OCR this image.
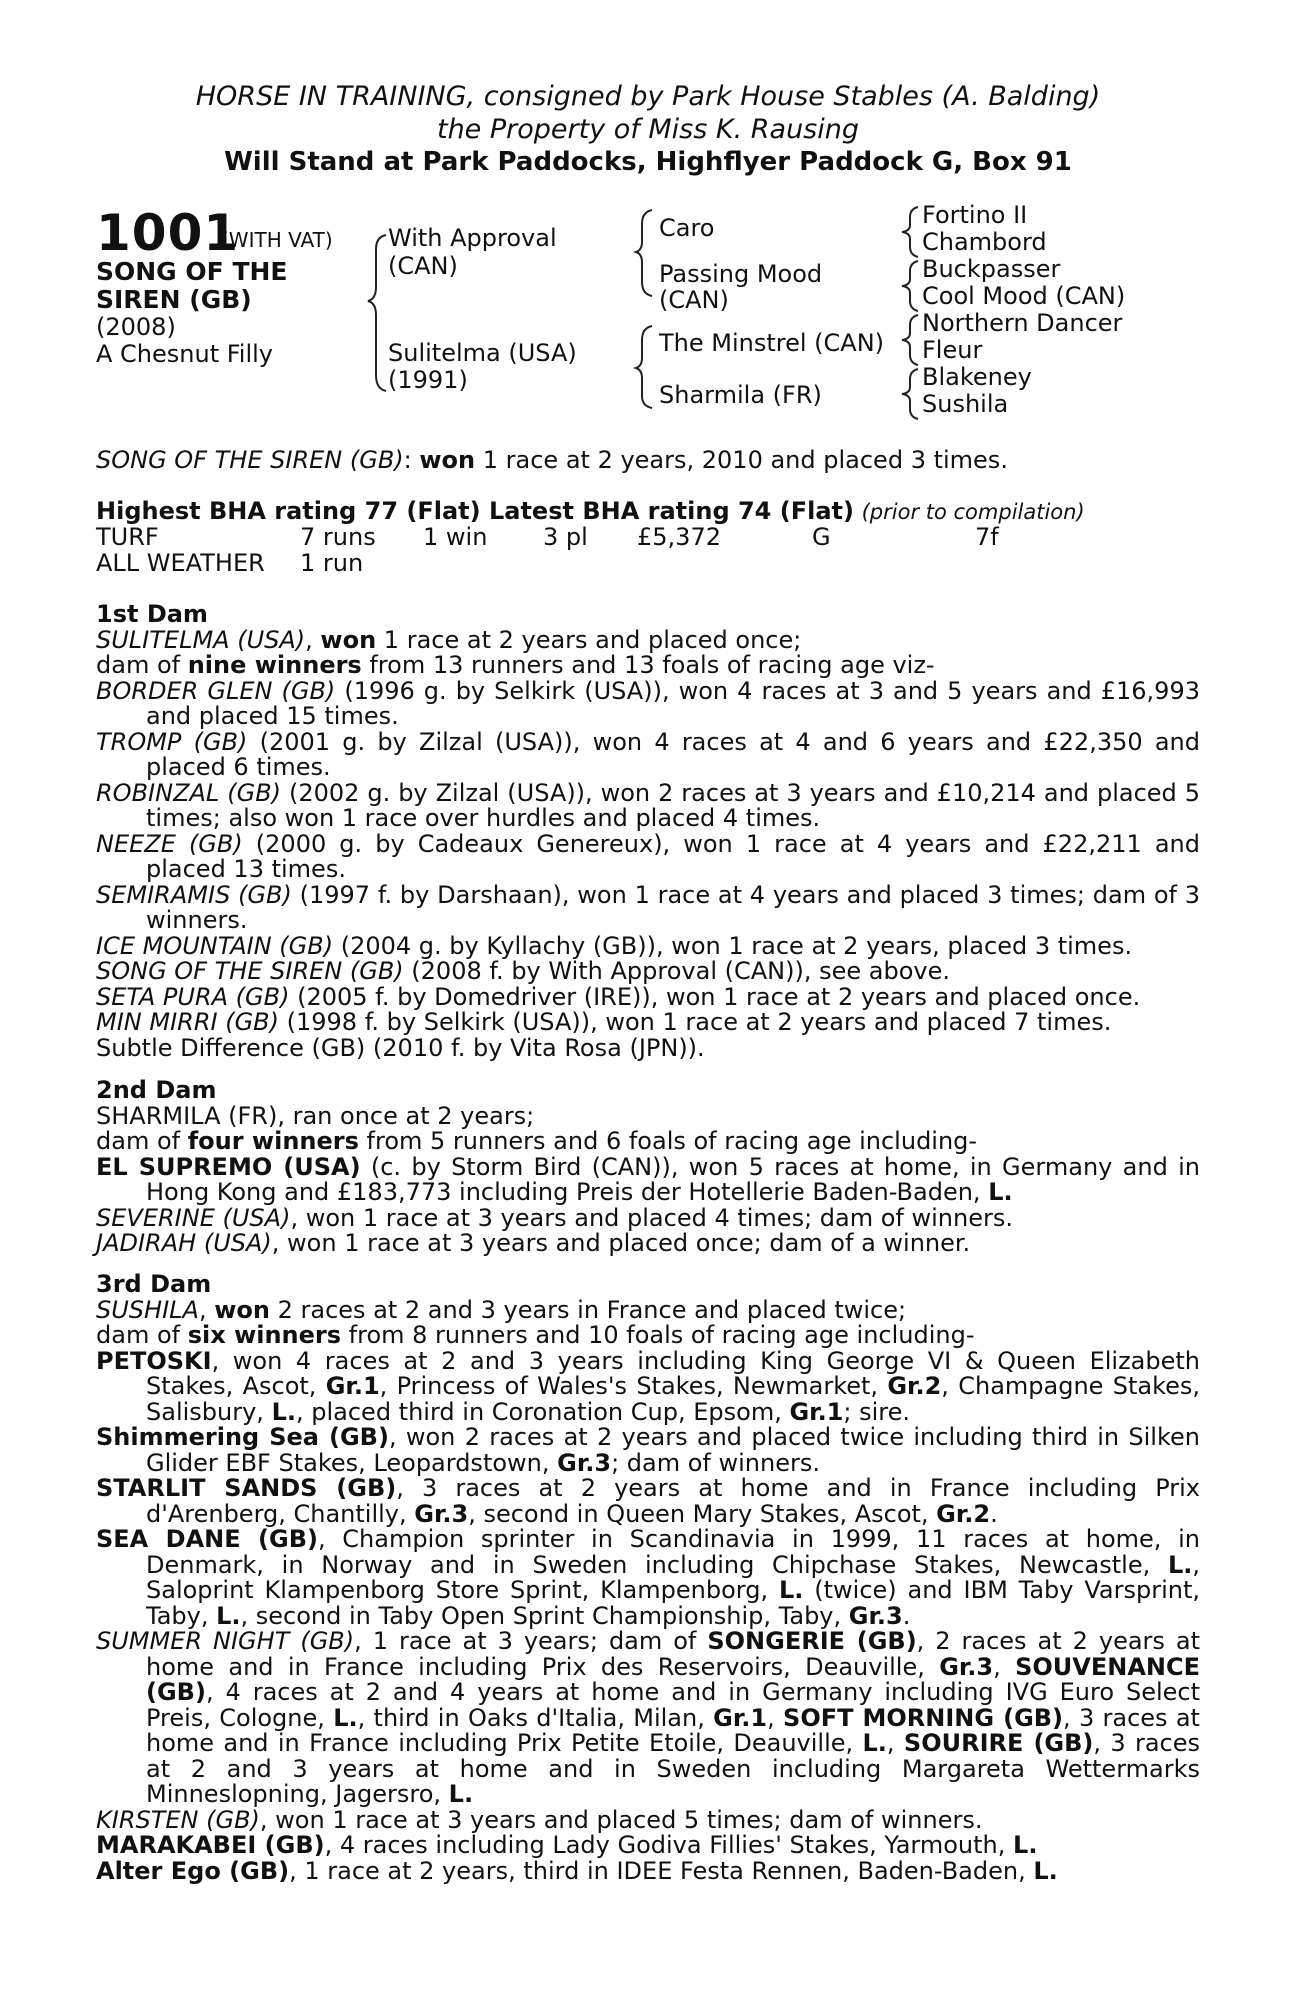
HORSE IN TRAINING, consigned by Park House Stables (A. Balding)
the Property of Miss K. Rausing
Will Stand at Park Paddocks, Highflyer Paddock G, Box 91
1001
(WITH VAT)
SONG OF THE
SIREN (GB)
(2008)
A Chesnut Filly
With Approval
(CAN)
Sulitelma (USA)
(1991)
Caro
Passing Mood
(CAN)
The Minstrel (CAN)
Sharmila (FR)
Fortino II
Chambord
Buckpasser
Cool Mood (CAN)
Northern Dancer
Fleur
Blakeney
Sushila
SONG OF THE SIREN (GB): won 1 race at 2 years, 2010 and placed 3 times.
Highest BHA rating 77 (Flat) Latest BHA rating 74 (Flat) (prior to compilation)
TURF	7 runs 1 win 3 pl £5,372	G	7f
ALL WEATHER 1 run

1st Dam

SULITELMA (USA), won 1 race at 2 years and placed once;

dam of nine winners from 13 runners and 13 foals of racing age viz-

BORDER GLEN (GB) (1996 g. by Selkirk (USA)), won 4 races at 3 and 5 years and £16,993 and placed 15 times.

TROMP (GB) (2001 g. by Zilzal (USA)), won 4 races at 4 and 6 years and £22,350 and placed 6 times.

ROBINZAL (GB) (2002 g. by Zilzal (USA)), won 2 races at 3 years and £10,214 and placed 5 times; also won 1 race over hurdles and placed 4 times.

NEEZE (GB) (2000 g. by Cadeaux Genereux), won 1 race at 4 years and £22,211 and placed 13 times.

SEMIRAMIS (GB) (1997 f. by Darshaan), won 1 race at 4 years and placed 3 times; dam of 3 winners.

ICE MOUNTAIN (GB) (2004 g. by Kyllachy (GB)), won 1 race at 2 years, placed 3 times.

SONG OF THE SIREN (GB) (2008 f. by With Approval (CAN)), see above.

SETA PURA (GB) (2005 f. by Domedriver (IRE)), won 1 race at 2 years and placed once.

MIN MIRRI (GB) (1998 f. by Selkirk (USA)), won 1 race at 2 years and placed 7 times.

Subtle Difference (GB) (2010 f. by Vita Rosa (JPN)).

2nd Dam

SHARMILA (FR), ran once at 2 years;

dam of four winners from 5 runners and 6 foals of racing age including-

EL SUPREMO (USA) (c. by Storm Bird (CAN)), won 5 races at home, in Germany and in Hong Kong and £183,773 including Preis der Hotellerie Baden-Baden, L.

SEVERINE (USA), won 1 race at 3 years and placed 4 times; dam of winners.

JADIRAH (USA), won 1 race at 3 years and placed once; dam of a winner.

3rd Dam

SUSHILA, won 2 races at 2 and 3 years in France and placed twice;

dam of six winners from 8 runners and 10 foals of racing age including-

PETOSKI, won 4 races at 2 and 3 years including King George VI & Queen Elizabeth Stakes, Ascot, Gr.1, Princess of Wales's Stakes, Newmarket, Gr.2, Champagne Stakes, Salisbury, L., placed third in Coronation Cup, Epsom, Gr.1; sire.

Shimmering Sea (GB), won 2 races at 2 years and placed twice including third in Silken Glider EBF Stakes, Leopardstown, Gr.3; dam of winners.

STARLIT SANDS (GB), 3 races at 2 years at home and in France including Prix d'Arenberg, Chantilly, Gr.3, second in Queen Mary Stakes, Ascot, Gr.2.

SEA DANE (GB), Champion sprinter in Scandinavia in 1999, 11 races at home, in Denmark, in Norway and in Sweden including Chipchase Stakes, Newcastle, L., Saloprint Klampenborg Store Sprint, Klampenborg, L. (twice) and IBM Taby Varsprint, Taby, L., second in Taby Open Sprint Championship, Taby, Gr.3.

SUMMER NIGHT (GB), 1 race at 3 years; dam of SONGERIE (GB), 2 races at 2 years at home and in France including Prix des Reservoirs, Deauville, Gr.3, SOUVENANCE (GB), 4 races at 2 and 4 years at home and in Germany including IVG Euro Select Preis, Cologne, L., third in Oaks d'Italia, Milan, Gr.1, SOFT MORNING (GB), 3 races at home and in France including Prix Petite Etoile, Deauville, L., SOURIRE (GB), 3 races at 2 and 3 years at home and in Sweden including Margareta Wettermarks Minneslopning, Jagersro, L.

KIRSTEN (GB), won 1 race at 3 years and placed 5 times; dam of winners.

MARAKABEI (GB), 4 races including Lady Godiva Fillies' Stakes, Yarmouth, L.

Alter Ego (GB), 1 race at 2 years, third in IDEE Festa Rennen, Baden-Baden, L.
